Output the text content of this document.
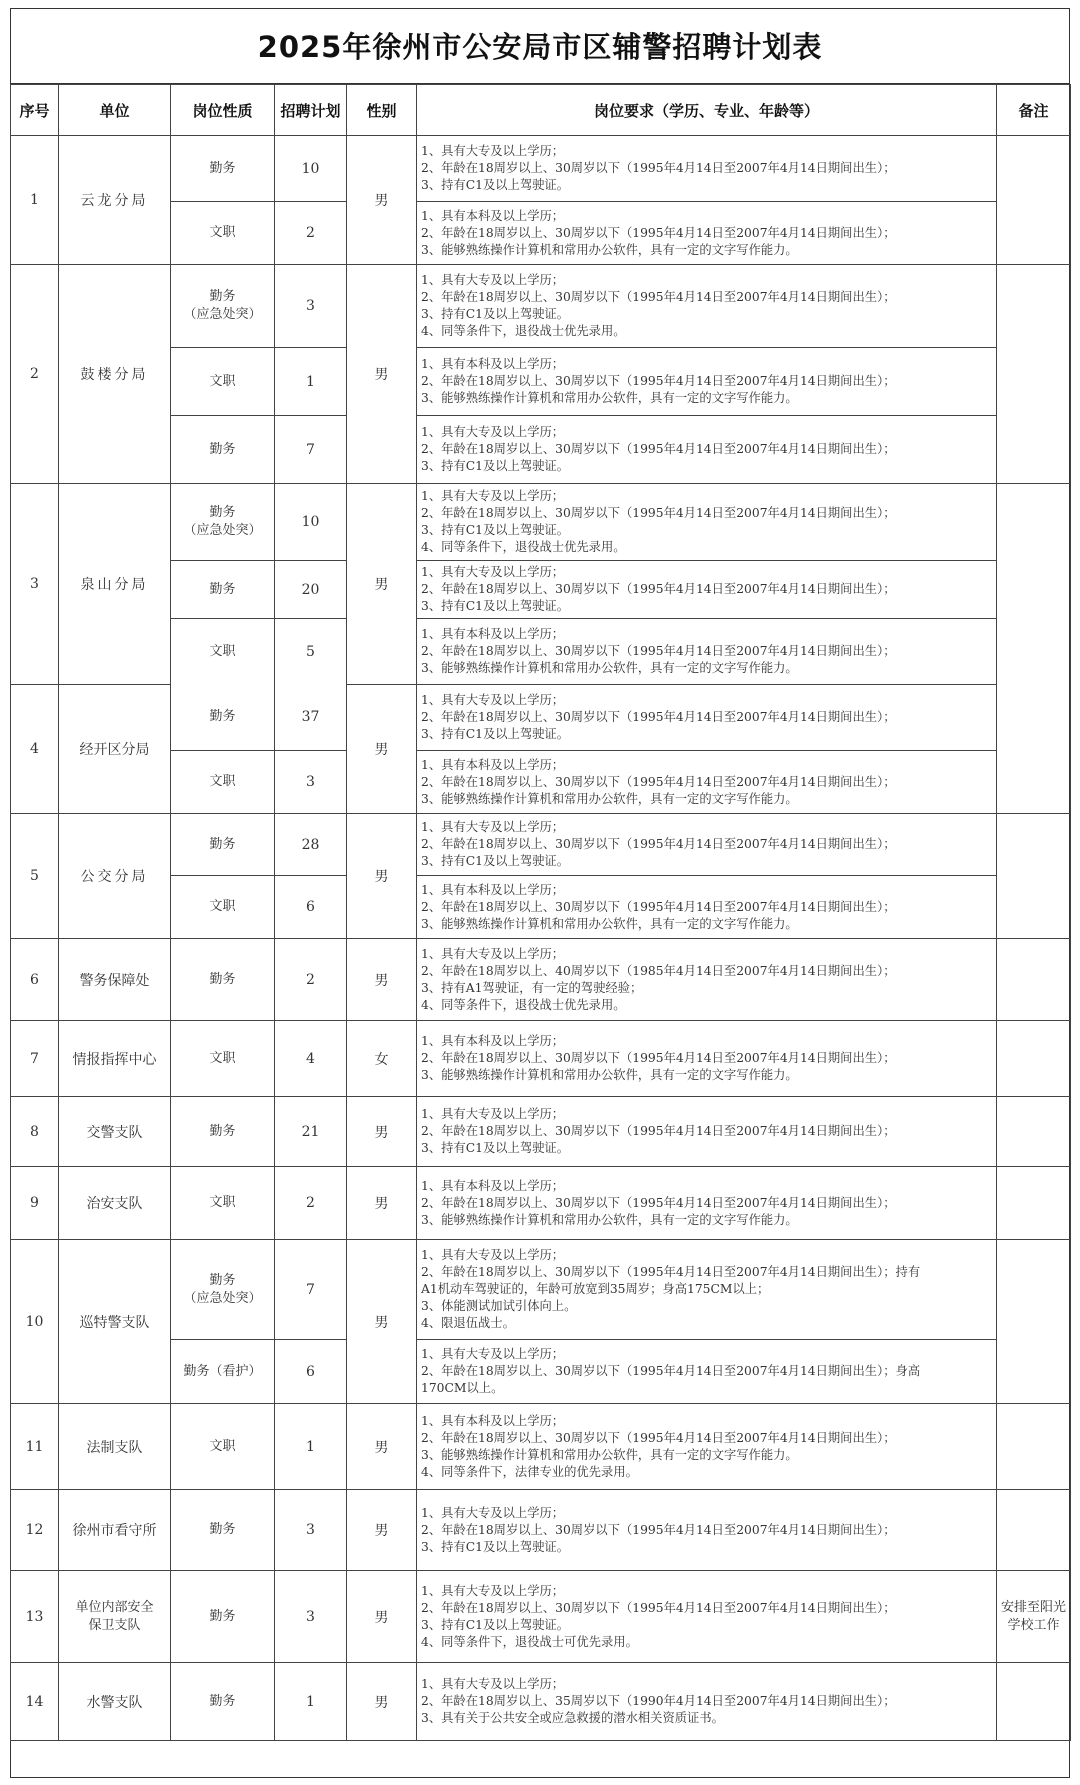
2025年徐州市公安局市区辅警招聘计划表
序号	单位	岗位性质	招聘计划	性别	岗位要求（学历、专业、年龄等）	备注
1	云龙分局	勤务	10	男	1、具有大专及以上学历；
2、年龄在18周岁以上、30周岁以下（1995年4月14日至2007年4月14日期间出生）；
3、持有C1及以上驾驶证。	

		文职	2		1、具有本科及以上学历；
2、年龄在18周岁以上、30周岁以下（1995年4月14日至2007年4月14日期间出生）；
3、能够熟练操作计算机和常用办公软件，具有一定的文字写作能力。	

2	鼓楼分局	勤务
（应急处突）	3	男	1、具有大专及以上学历；
2、年龄在18周岁以上、30周岁以下（1995年4月14日至2007年4月14日期间出生）；
3、持有C1及以上驾驶证。
4、同等条件下，退役战士优先录用。	

		文职	1		1、具有本科及以上学历；
2、年龄在18周岁以上、30周岁以下（1995年4月14日至2007年4月14日期间出生）；
3、能够熟练操作计算机和常用办公软件，具有一定的文字写作能力。	

		勤务	7		1、具有大专及以上学历；
2、年龄在18周岁以上、30周岁以下（1995年4月14日至2007年4月14日期间出生）；
3、持有C1及以上驾驶证。	

3	泉山分局	勤务
（应急处突）	10	男	1、具有大专及以上学历；
2、年龄在18周岁以上、30周岁以下（1995年4月14日至2007年4月14日期间出生）；
3、持有C1及以上驾驶证。
4、同等条件下，退役战士优先录用。	

		勤务	20		1、具有大专及以上学历；
2、年龄在18周岁以上、30周岁以下（1995年4月14日至2007年4月14日期间出生）；
3、持有C1及以上驾驶证。	

		文职	5		1、具有本科及以上学历；
2、年龄在18周岁以上、30周岁以下（1995年4月14日至2007年4月14日期间出生）；
3、能够熟练操作计算机和常用办公软件，具有一定的文字写作能力。	

4	经开区分局	勤务	37	男	1、具有大专及以上学历；
2、年龄在18周岁以上、30周岁以下（1995年4月14日至2007年4月14日期间出生）；
3、持有C1及以上驾驶证。	

		文职	3		1、具有本科及以上学历；
2、年龄在18周岁以上、30周岁以下（1995年4月14日至2007年4月14日期间出生）；
3、能够熟练操作计算机和常用办公软件，具有一定的文字写作能力。	

5	公交分局	勤务	28	男	1、具有大专及以上学历；
2、年龄在18周岁以上、30周岁以下（1995年4月14日至2007年4月14日期间出生）；
3、持有C1及以上驾驶证。	

		文职	6		1、具有本科及以上学历；
2、年龄在18周岁以上、30周岁以下（1995年4月14日至2007年4月14日期间出生）；
3、能够熟练操作计算机和常用办公软件，具有一定的文字写作能力。	

6	警务保障处	勤务	2	男	1、具有大专及以上学历；
2、年龄在18周岁以上、40周岁以下（1985年4月14日至2007年4月14日期间出生）；
3、持有A1驾驶证，有一定的驾驶经验；
4、同等条件下，退役战士优先录用。	

7	情报指挥中心	文职	4	女	1、具有本科及以上学历；
2、年龄在18周岁以上、30周岁以下（1995年4月14日至2007年4月14日期间出生）；
3、能够熟练操作计算机和常用办公软件，具有一定的文字写作能力。	

8	交警支队	勤务	21	男	1、具有大专及以上学历；
2、年龄在18周岁以上、30周岁以下（1995年4月14日至2007年4月14日期间出生）；
3、持有C1及以上驾驶证。	

9	治安支队	文职	2	男	1、具有本科及以上学历；
2、年龄在18周岁以上、30周岁以下（1995年4月14日至2007年4月14日期间出生）；
3、能够熟练操作计算机和常用办公软件，具有一定的文字写作能力。	

10	巡特警支队	勤务
（应急处突）	7	男	1、具有大专及以上学历；
2、年龄在18周岁以上、30周岁以下（1995年4月14日至2007年4月14日期间出生）；持有
A1机动车驾驶证的，年龄可放宽到35周岁；身高175CM以上；
3、体能测试加试引体向上。
4、限退伍战士。	

		勤务（看护）	6		1、具有大专及以上学历；
2、年龄在18周岁以上、30周岁以下（1995年4月14日至2007年4月14日期间出生）；身高
170CM以上。	

11	法制支队	文职	1	男	1、具有本科及以上学历；
2、年龄在18周岁以上、30周岁以下（1995年4月14日至2007年4月14日期间出生）；
3、能够熟练操作计算机和常用办公软件，具有一定的文字写作能力。
4、同等条件下，法律专业的优先录用。	

12	徐州市看守所	勤务	3	男	1、具有大专及以上学历；
2、年龄在18周岁以上、30周岁以下（1995年4月14日至2007年4月14日期间出生）；
3、持有C1及以上驾驶证。	

13	单位内部安全
保卫支队	勤务	3	男	1、具有大专及以上学历；
2、年龄在18周岁以上、30周岁以下（1995年4月14日至2007年4月14日期间出生）；
3、持有C1及以上驾驶证。
4、同等条件下，退役战士可优先录用。	安排至阳光
学校工作

14	水警支队	勤务	1	男	1、具有大专及以上学历；
2、年龄在18周岁以上、35周岁以下（1990年4月14日至2007年4月14日期间出生）；
3、具有关于公共安全或应急救援的潜水相关资质证书。	
